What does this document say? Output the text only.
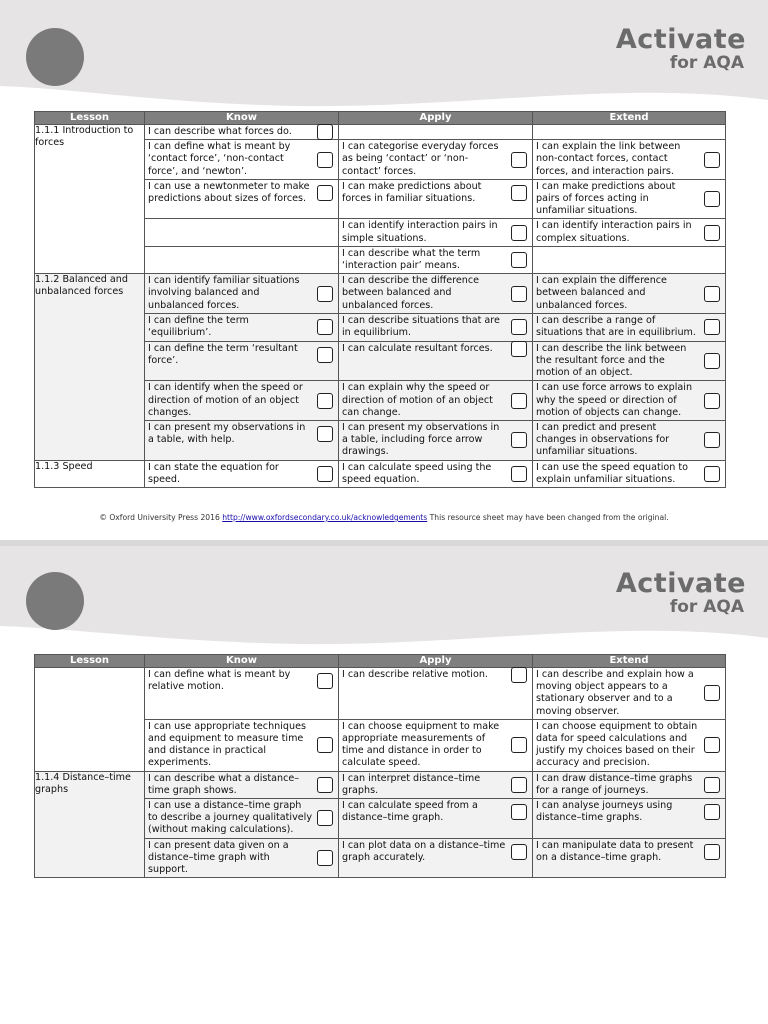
Activate
for AQA
Lesson	Know	Apply	Extend
1.1.1 Introduction to forces	I can describe what forces do.		

	I can define what is meant by ‘contact force’, ‘non-contact force’, and ‘newton’.	I can categorise everyday forces as being ‘contact’ or ‘non-contact’ forces.	I can explain the link between non-contact forces, contact forces, and interaction pairs.

	I can use a newtonmeter to make predictions about sizes of forces.	I can make predictions about forces in familiar situations.	I can make predictions about pairs of forces acting in unfamiliar situations.

		I can identify interaction pairs in simple situations.	I can identify interaction pairs in complex situations.

		I can describe what the term ‘interaction pair’ means.	

1.1.2 Balanced and unbalanced forces	I can identify familiar situations involving balanced and unbalanced forces.	I can describe the difference between balanced and unbalanced forces.	I can explain the difference between balanced and unbalanced forces.

	I can define the term ‘equilibrium’.	I can describe situations that are in equilibrium.	I can describe a range of situations that are in equilibrium.

	I can define the term ‘resultant force’.	I can calculate resultant forces.	I can describe the link between the resultant force and the motion of an object.

	I can identify when the speed or direction of motion of an object changes.	I can explain why the speed or direction of motion of an object can change.	I can use force arrows to explain why the speed or direction of motion of objects can change.

	I can present my observations in a table, with help.	I can present my observations in a table, including force arrow drawings.	I can predict and present changes in observations for unfamiliar situations.

1.1.3 Speed	I can state the equation for speed.	I can calculate speed using the speed equation.	I can use the speed equation to explain unfamiliar situations.
© Oxford University Press 2016 http://www.oxfordsecondary.co.uk/acknowledgements This resource sheet may have been changed from the original.
Activate
for AQA
Lesson	Know	Apply	Extend

	I can define what is meant by relative motion.	I can describe relative motion.	I can describe and explain how a moving object appears to a stationary observer and to a moving observer.

	I can use appropriate techniques and equipment to measure time and distance in practical experiments.	I can choose equipment to make appropriate measurements of time and distance in order to calculate speed.	I can choose equipment to obtain data for speed calculations and justify my choices based on their accuracy and precision.

1.1.4 Distance–time graphs	I can describe what a distance–time graph shows.	I can interpret distance–time graphs.	I can draw distance–time graphs for a range of journeys.

	I can use a distance–time graph to describe a journey qualitatively (without making calculations).	I can calculate speed from a distance–time graph.	I can analyse journeys using distance–time graphs.

	I can present data given on a distance–time graph with support.	I can plot data on a distance–time graph accurately.	I can manipulate data to present on a distance–time graph.
